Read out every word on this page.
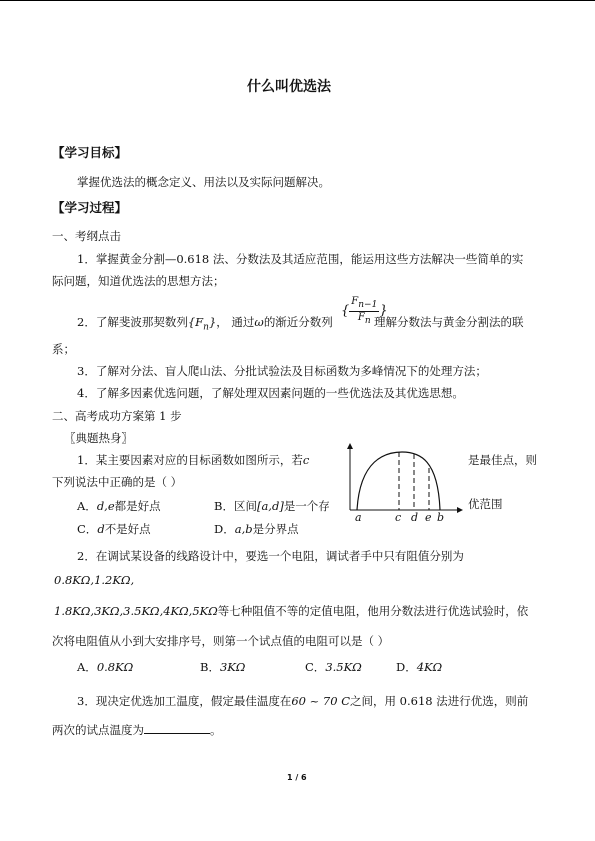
什么叫优选法
【学习目标】
掌握优选法的概念定义、用法以及实际问题解决。
【学习过程】
一、考纲点击
1．掌握黄金分割—0.618 法、分数法及其适应范围，能运用这些方法解决一些简单的实
际问题，知道优选法的思想方法；
2．了解斐波那契数列$\{F_n\}$， 通过ω的渐近分数列
{ $\frac{F_{n-1}}{F_n}$ }
理解分数法与黄金分割法的联
系；
3．了解对分法、盲人爬山法、分批试验法及目标函数为多峰情况下的处理方法；
4．了解多因素优选问题，了解处理双因素问题的一些优选法及其优选思想。
二、高考成功方案第 1 步
〖典题热身〗
1．某主要因素对应的目标函数如图所示，若c	是最佳点，则
下列说法中正确的是（ ）
A．d,e都是好点	B．区间[a,d]是一个存
C．d不是好点	D．a,b是分界点
a	c d e b
优范围
2．在调试某设备的线路设计中，要选一个电阻，调试者手中只有阻值分别为
0.8KΩ,1.2KΩ,
1.8KΩ,3KΩ,3.5KΩ,4KΩ,5KΩ等七种阻值不等的定值电阻，他用分数法进行优选试验时，依
次将电阻值从小到大安排序号，则第一个试点值的电阻可以是（ ）
A．0.8KΩ	B．3KΩ	C．3.5KΩ	D．4KΩ
3．现决定优选加工温度，假定最佳温度在60 ~ 70 C之间，用 0.618 法进行优选，则前
两次的试点温度为	。
1 / 6
